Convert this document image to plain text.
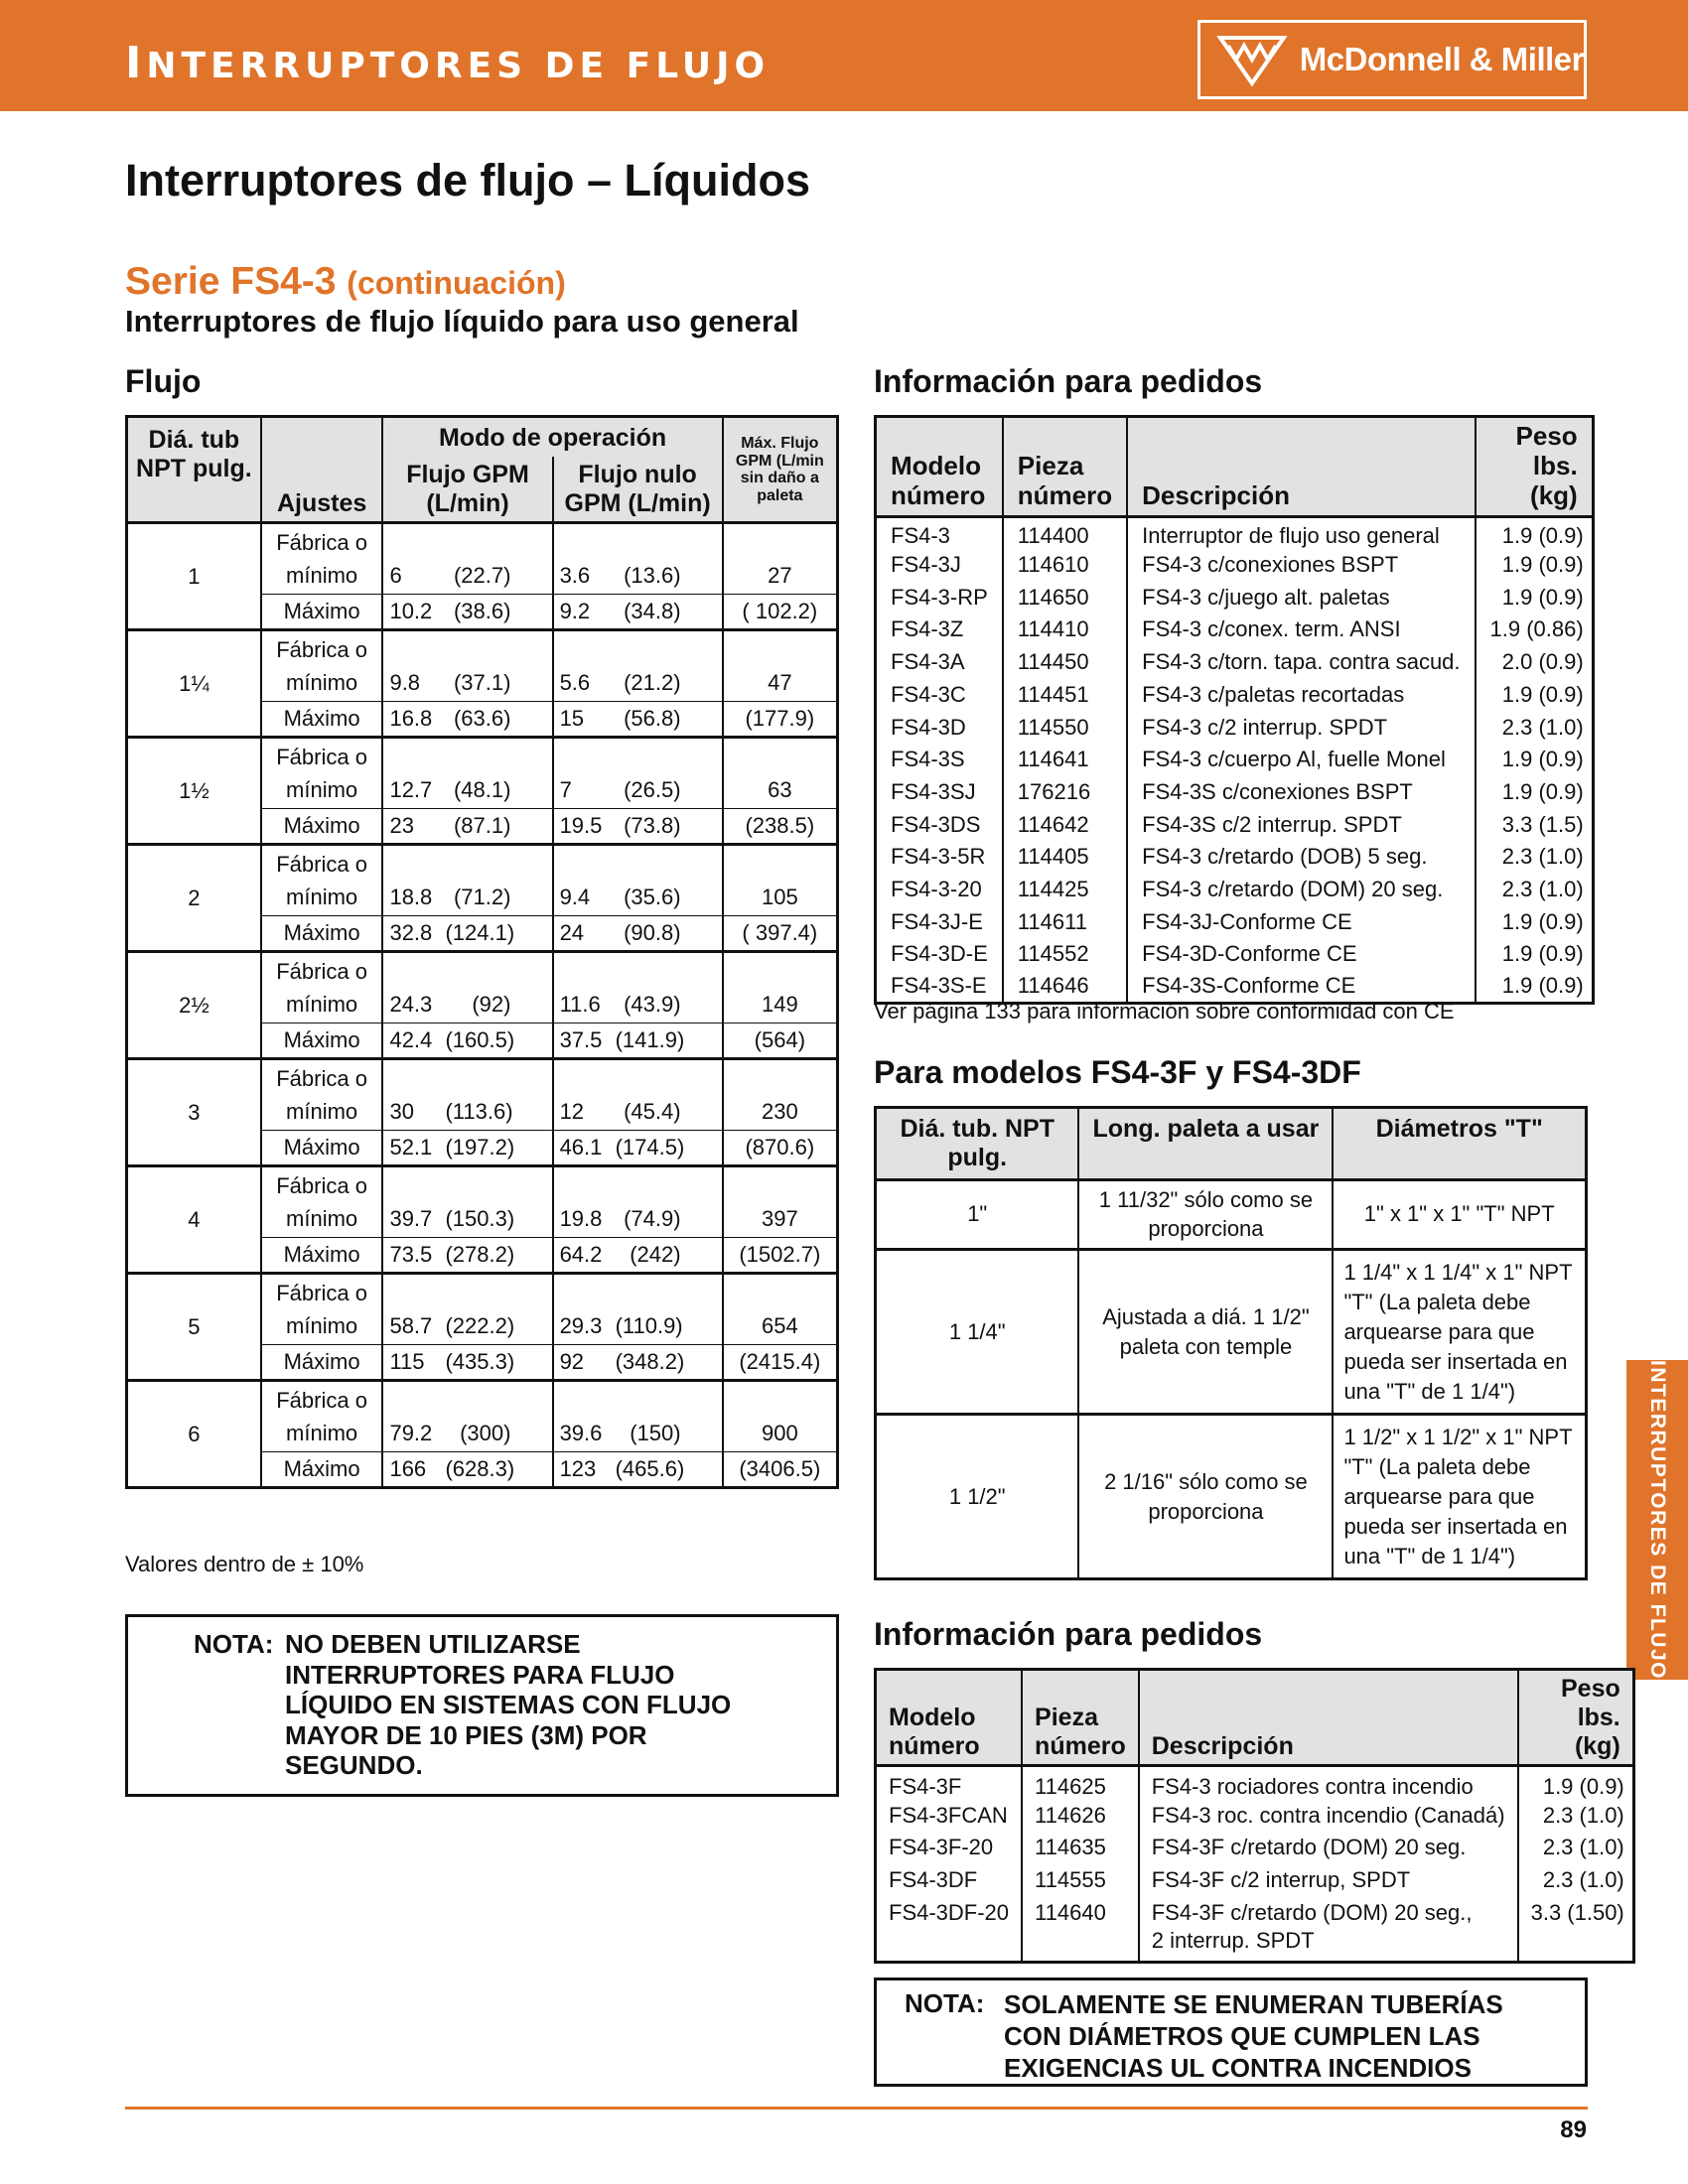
INTERRUPTORES DE FLUJO	McDonnell & Miller
INTERRUPTORES DE FLUJO
Interruptores de flujo – Líquidos
Serie FS4-3 (continuación)
Interruptores de flujo líquido para uso general
Flujo
Diá. tub NPT pulg.	Ajustes	Modo de operación		Máx. Flujo GPM (L/min sin daño a paleta
		Flujo GPM (L/min)	Flujo nulo GPM (L/min)	
1	Fábrica o			
	mínimo	6 (22.7)	3.6 (13.6)	27
	Máximo	10.2 (38.6)	9.2 (34.8)	( 102.2)
1¼	Fábrica o			
	mínimo	9.8 (37.1)	5.6 (21.2)	47
	Máximo	16.8 (63.6)	15 (56.8)	(177.9)
1½	Fábrica o			
	mínimo	12.7 (48.1)	7 (26.5)	63
	Máximo	23 (87.1)	19.5 (73.8)	(238.5)
2	Fábrica o			
	mínimo	18.8 (71.2)	9.4 (35.6)	105
	Máximo	32.8 (124.1)	24 (90.8)	( 397.4)
2½	Fábrica o			
	mínimo	24.3 (92)	11.6 (43.9)	149
	Máximo	42.4 (160.5)	37.5 (141.9)	(564)
3	Fábrica o			
	mínimo	30 (113.6)	12 (45.4)	230
	Máximo	52.1 (197.2)	46.1 (174.5)	(870.6)
4	Fábrica o			
	mínimo	39.7 (150.3)	19.8 (74.9)	397
	Máximo	73.5 (278.2)	64.2 (242)	(1502.7)
5	Fábrica o			
	mínimo	58.7 (222.2)	29.3 (110.9)	654
	Máximo	115 (435.3)	92 (348.2)	(2415.4)
6	Fábrica o			
	mínimo	79.2 (300)	39.6 (150)	900
	Máximo	166 (628.3)	123 (465.6)	(3406.5)
Valores dentro de ± 10%
NOTA: NO DEBEN UTILIZARSE
INTERRUPTORES PARA FLUJO
LÍQUIDO EN SISTEMAS CON FLUJO
MAYOR DE 10 PIES (3M) POR
SEGUNDO.
Información para pedidos
Modelo número	Pieza número	Descripción	Peso lbs. (kg)
FS4-3	114400	Interruptor de flujo uso general	1.9 (0.9)
FS4-3J	114610	FS4-3 c/conexiones BSPT	1.9 (0.9)
FS4-3-RP	114650	FS4-3 c/juego alt. paletas	1.9 (0.9)
FS4-3Z	114410	FS4-3 c/conex. term. ANSI	1.9 (0.86)
FS4-3A	114450	FS4-3 c/torn. tapa. contra sacud.	2.0 (0.9)
FS4-3C	114451	FS4-3 c/paletas recortadas	1.9 (0.9)
FS4-3D	114550	FS4-3 c/2 interrup. SPDT	2.3 (1.0)
FS4-3S	114641	FS4-3 c/cuerpo Al, fuelle Monel	1.9 (0.9)
FS4-3SJ	176216	FS4-3S c/conexiones BSPT	1.9 (0.9)
FS4-3DS	114642	FS4-3S c/2 interrup. SPDT	3.3 (1.5)
FS4-3-5R	114405	FS4-3 c/retardo (DOB) 5 seg.	2.3 (1.0)
FS4-3-20	114425	FS4-3 c/retardo (DOM) 20 seg.	2.3 (1.0)
FS4-3J-E	114611	FS4-3J-Conforme CE	1.9 (0.9)
FS4-3D-E	114552	FS4-3D-Conforme CE	1.9 (0.9)
FS4-3S-E	114646	FS4-3S-Conforme CE	1.9 (0.9)
Ver página 133 para información sobre conformidad con CE
Para modelos FS4-3F y FS4-3DF
Diá. tub. NPT pulg.	Long. paleta a usar	Diámetros "T"
1"	1 11/32" sólo como se proporciona	1" x 1" x 1" "T" NPT
1 1/4"	Ajustada a diá. 1 1/2" paleta con temple	1 1/4" x 1 1/4" x 1" NPT "T" (La paleta debe arquearse para que pueda ser insertada en una "T" de 1 1/4")
1 1/2"	2 1/16" sólo como se proporciona	1 1/2" x 1 1/2" x 1" NPT "T" (La paleta debe arquearse para que pueda ser insertada en una "T" de 1 1/4")
Información para pedidos
Modelo número	Pieza número	Descripción	Peso lbs. (kg)
FS4-3F	114625	FS4-3 rociadores contra incendio	1.9 (0.9)
FS4-3FCAN	114626	FS4-3 roc. contra incendio (Canadá)	2.3 (1.0)
FS4-3F-20	114635	FS4-3F c/retardo (DOM) 20 seg.	2.3 (1.0)
FS4-3DF	114555	FS4-3F c/2 interrup, SPDT	2.3 (1.0)
FS4-3DF-20	114640	FS4-3F c/retardo (DOM) 20 seg.,	3.3 (1.50)
		2 interrup. SPDT	
NOTA: SOLAMENTE SE ENUMERAN TUBERÍAS
CON DIÁMETROS QUE CUMPLEN LAS
EXIGENCIAS UL CONTRA INCENDIOS
89
